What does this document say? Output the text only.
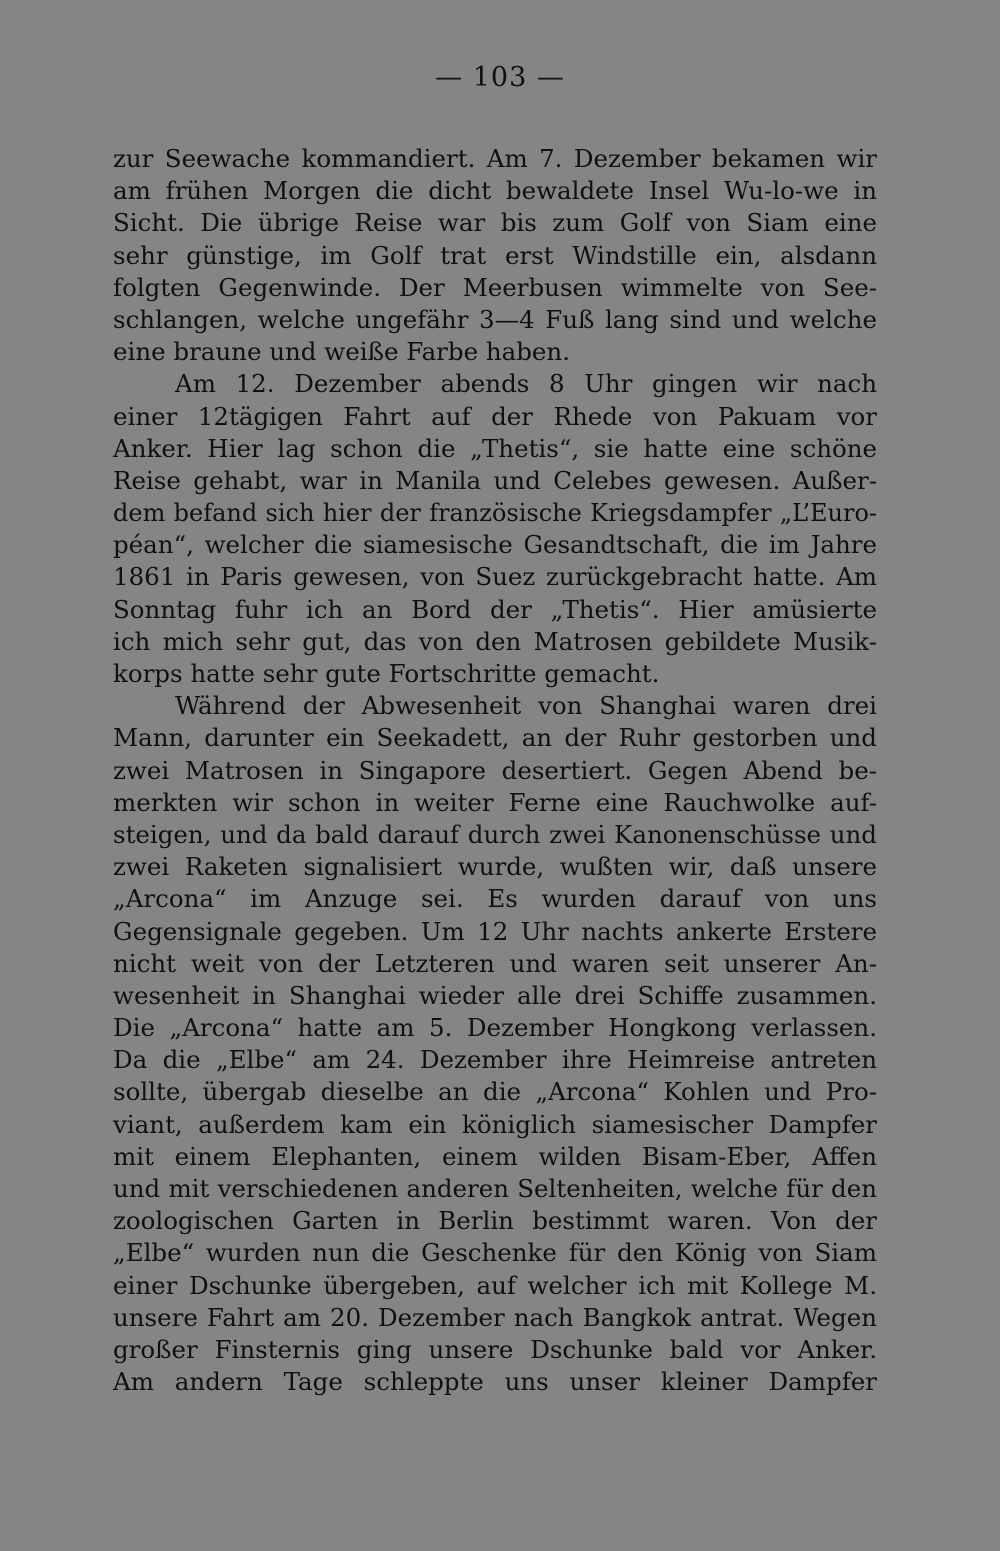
— 103 —
zur Seewache kommandiert. Am 7. Dezember bekamen wir
am frühen Morgen die dicht bewaldete Insel Wu-lo-we in
Sicht. Die übrige Reise war bis zum Golf von Siam eine
sehr günstige, im Golf trat erst Windstille ein, alsdann
folgten Gegenwinde. Der Meerbusen wimmelte von See-
schlangen, welche ungefähr 3—4 Fuß lang sind und welche
eine braune und weiße Farbe haben.
Am 12. Dezember abends 8 Uhr gingen wir nach
einer 12tägigen Fahrt auf der Rhede von Pakuam vor
Anker. Hier lag schon die „Thetis“, sie hatte eine schöne
Reise gehabt, war in Manila und Celebes gewesen. Außer-
dem befand sich hier der französische Kriegsdampfer „L’Euro-
péan“, welcher die siamesische Gesandtschaft, die im Jahre
1861 in Paris gewesen, von Suez zurückgebracht hatte. Am
Sonntag fuhr ich an Bord der „Thetis“. Hier amüsierte
ich mich sehr gut, das von den Matrosen gebildete Musik-
korps hatte sehr gute Fortschritte gemacht.
Während der Abwesenheit von Shanghai waren drei
Mann, darunter ein Seekadett, an der Ruhr gestorben und
zwei Matrosen in Singapore desertiert. Gegen Abend be-
merkten wir schon in weiter Ferne eine Rauchwolke auf-
steigen, und da bald darauf durch zwei Kanonenschüsse und
zwei Raketen signalisiert wurde, wußten wir, daß unsere
„Arcona“ im Anzuge sei. Es wurden darauf von uns
Gegensignale gegeben. Um 12 Uhr nachts ankerte Erstere
nicht weit von der Letzteren und waren seit unserer An-
wesenheit in Shanghai wieder alle drei Schiffe zusammen.
Die „Arcona“ hatte am 5. Dezember Hongkong verlassen.
Da die „Elbe“ am 24. Dezember ihre Heimreise antreten
sollte, übergab dieselbe an die „Arcona“ Kohlen und Pro-
viant, außerdem kam ein königlich siamesischer Dampfer
mit einem Elephanten, einem wilden Bisam-Eber, Affen
und mit verschiedenen anderen Seltenheiten, welche für den
zoologischen Garten in Berlin bestimmt waren. Von der
„Elbe“ wurden nun die Geschenke für den König von Siam
einer Dschunke übergeben, auf welcher ich mit Kollege M.
unsere Fahrt am 20. Dezember nach Bangkok antrat. Wegen
großer Finsternis ging unsere Dschunke bald vor Anker.
Am andern Tage schleppte uns unser kleiner Dampfer
